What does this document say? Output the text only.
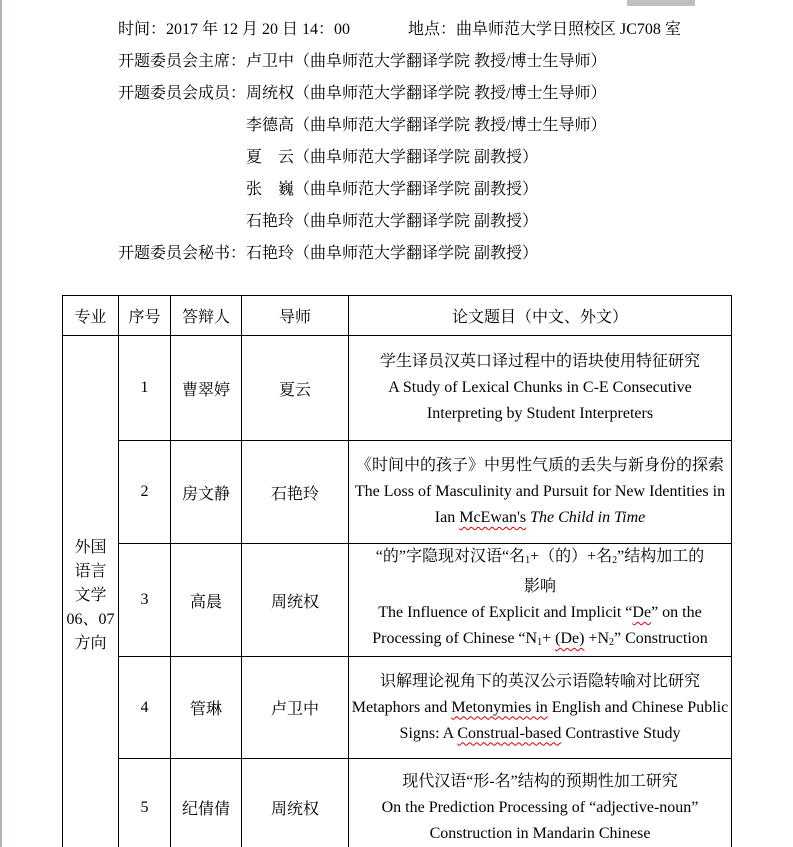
时间：2017 年 12 月 20 日 14：00	地点：曲阜师范大学日照校区 JC708 室
开题委员会主席：卢卫中（曲阜师范大学翻译学院 教授/博士生导师）
开题委员会成员：周统权（曲阜师范大学翻译学院 教授/博士生导师）
李德高（曲阜师范大学翻译学院 教授/博士生导师）
夏　云（曲阜师范大学翻译学院 副教授）
张　巍（曲阜师范大学翻译学院 副教授）
石艳玲（曲阜师范大学翻译学院 副教授）
开题委员会秘书：石艳玲（曲阜师范大学翻译学院 副教授）
专业	序号	答辩人	导师	论文题目（中文、外文）

外国
语言
文学
06、07
方向
	1	曹翠婷	夏云	
学生译员汉英口译过程中的语块使用特征研究
A Study of Lexical Chunks in C-E Consecutive
Interpreting by Student Interpreters

	2	房文静	石艳玲	《时间中的孩子》中男性气质的丢失与新身份的探索
The Loss of Masculinity and Pursuit for New Identities in
Ian McEwan's The Child in Time

	3	高晨	周统权	“的”字隐现对汉语“名$_1$+（的）+名$_2$”结构加工的
影响
The Influence of Explicit and Implicit “De” on the
Processing of Chinese “$N_1+ (De) +N_2$” Construction

	4	管琳	卢卫中	识解理论视角下的英汉公示语隐转喻对比研究
Metaphors and Metonymies in English and Chinese Public
Signs: A Construal-based Contrastive Study

	5	纪倩倩	周统权	现代汉语“形-名”结构的预期性加工研究
On the Prediction Processing of “adjective-noun”
Construction in Mandarin Chinese
